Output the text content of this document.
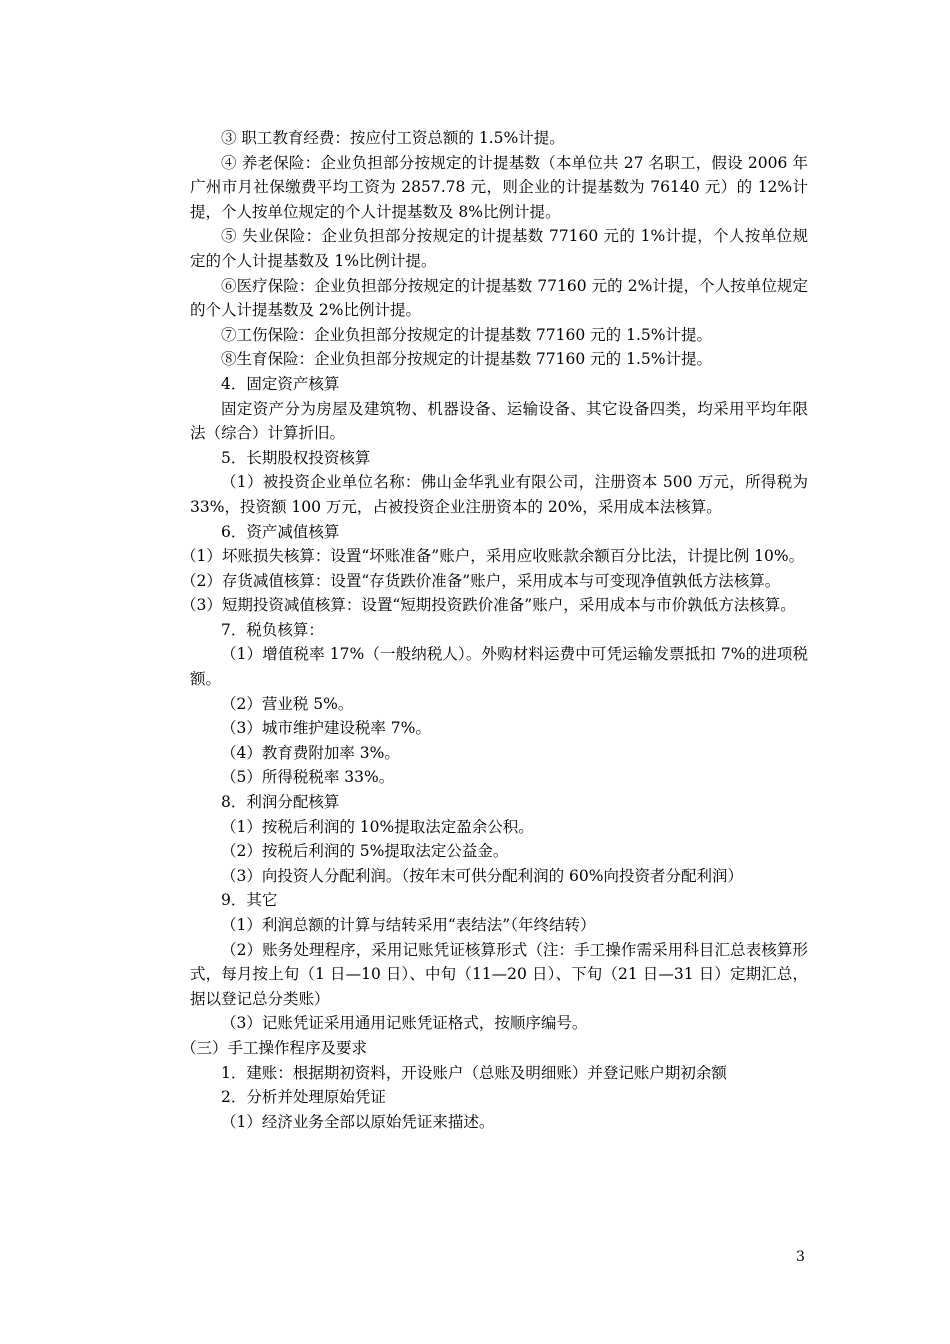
③ 职工教育经费：按应付工资总额的 1.5%计提。

④ 养老保险：企业负担部分按规定的计提基数（本单位共 27 名职工，假设 2006 年广州市月社保缴费平均工资为 2857.78 元，则企业的计提基数为 76140 元）的 12%计提，个人按单位规定的个人计提基数及 8%比例计提。

⑤ 失业保险：企业负担部分按规定的计提基数 77160 元的 1%计提，个人按单位规定的个人计提基数及 1%比例计提。

⑥医疗保险：企业负担部分按规定的计提基数 77160 元的 2%计提，个人按单位规定的个人计提基数及 2%比例计提。

⑦工伤保险：企业负担部分按规定的计提基数 77160 元的 1.5%计提。

⑧生育保险：企业负担部分按规定的计提基数 77160 元的 1.5%计提。

4．固定资产核算

固定资产分为房屋及建筑物、机器设备、运输设备、其它设备四类，均采用平均年限法（综合）计算折旧。

5．长期股权投资核算

（1）被投资企业单位名称：佛山金华乳业有限公司，注册资本 500 万元，所得税为 33%，投资额 100 万元，占被投资企业注册资本的 20%，采用成本法核算。

6．资产减值核算

（1）坏账损失核算：设置“坏账准备”账户，采用应收账款余额百分比法，计提比例 10%。

（2）存货减值核算：设置“存货跌价准备”账户，采用成本与可变现净值孰低方法核算。

（3）短期投资减值核算：设置“短期投资跌价准备”账户，采用成本与市价孰低方法核算。

7．税负核算：

（1）增值税率 17%（一般纳税人）。外购材料运费中可凭运输发票抵扣 7%的进项税额。

（2）营业税 5%。

（3）城市维护建设税率 7%。

（4）教育费附加率 3%。

（5）所得税税率 33%。

8．利润分配核算

（1）按税后利润的 10%提取法定盈余公积。

（2）按税后利润的 5%提取法定公益金。

（3）向投资人分配利润。（按年末可供分配利润的 60%向投资者分配利润）

9．其它

（1）利润总额的计算与结转采用“表结法”（年终结转）

（2）账务处理程序，采用记账凭证核算形式（注：手工操作需采用科目汇总表核算形式，每月按上旬（1 日—10 日）、中旬（11—20 日）、下旬（21 日—31 日）定期汇总，据以登记总分类账）

（3）记账凭证采用通用记账凭证格式，按顺序编号。

（三）手工操作程序及要求

1．建账：根据期初资料，开设账户（总账及明细账）并登记账户期初余额

2．分析并处理原始凭证

（1）经济业务全部以原始凭证来描述。

3
